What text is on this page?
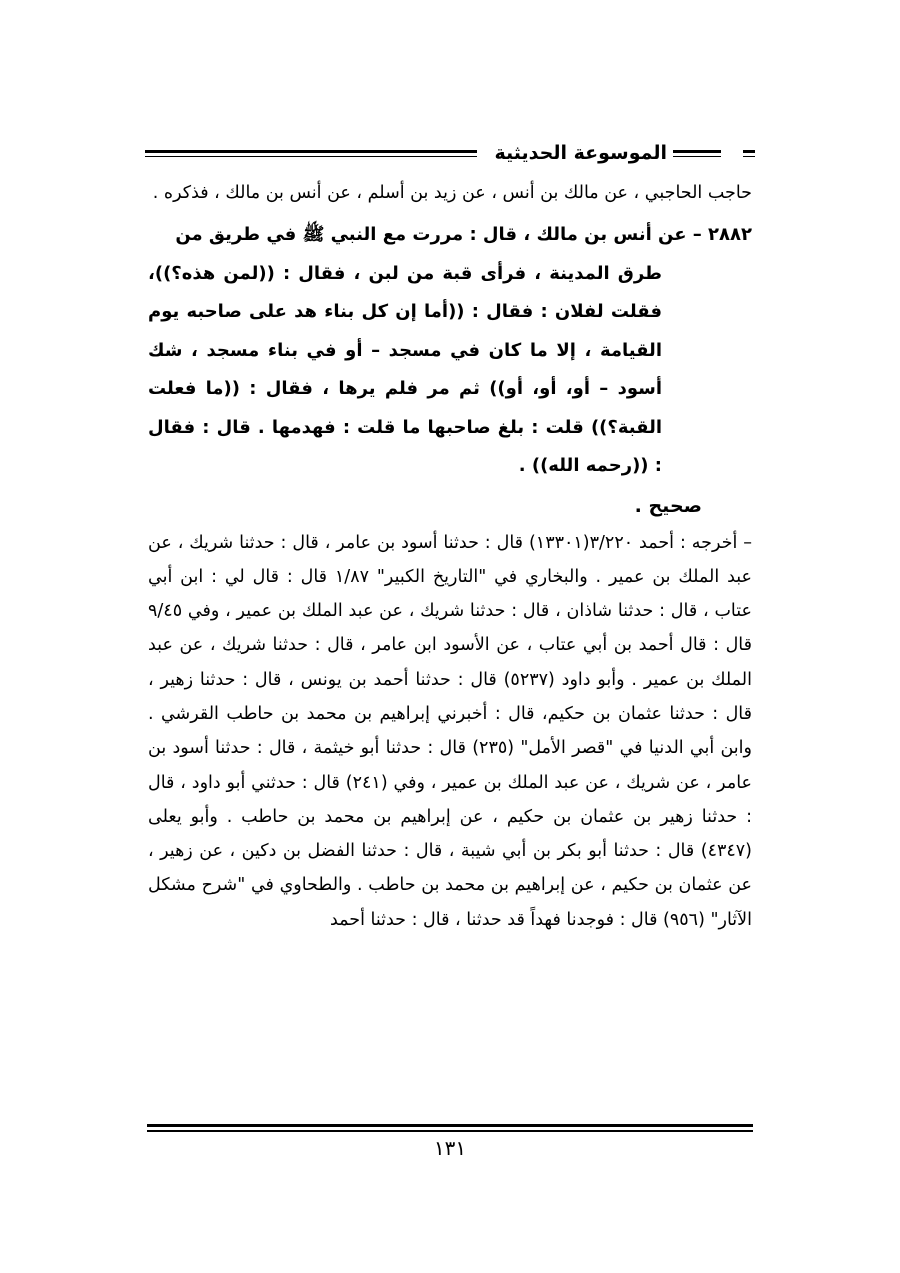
الموسوعة الحديثية

حاجب الحاجبي ، عن مالك بن أنس ، عن زيد بن أسلم ، عن أنس بن مالك ، فذكره .

٢٨٨٢ – عن أنس بن مالك ، قال : مررت مع النبي ﷺ في طريق من
طرق المدينة ، فرأى قبة من لبن ، فقال : ((لمن هذه؟))، فقلت لفلان : فقال : ((أما إن كل بناء هد على صاحبه يوم القيامة ، إلا ما كان في مسجد – أو في بناء مسجد ، شك أسود – أو، أو، أو)) ثم مر فلم يرها ، فقال : ((ما فعلت القبة؟)) قلت : بلغ صاحبها ما قلت : فهدمها . قال : فقال : ((رحمه الله)) .

صحيح .

– أخرجه : أحمد ٣/٢٢٠(١٣٣٠١) قال : حدثنا أسود بن عامر ، قال : حدثنا شريك ، عن عبد الملك بن عمير . والبخاري في "التاريخ الكبير" ١/٨٧ قال : قال لي : ابن أبي عتاب ، قال : حدثنا شاذان ، قال : حدثنا شريك ، عن عبد الملك بن عمير ، وفي ٩/٤٥ قال : قال أحمد بن أبي عتاب ، عن الأسود ابن عامر ، قال : حدثنا شريك ، عن عبد الملك بن عمير . وأبو داود (٥٢٣٧) قال : حدثنا أحمد بن يونس ، قال : حدثنا زهير ، قال : حدثنا عثمان بن حكيم، قال : أخبرني إبراهيم بن محمد بن حاطب القرشي . وابن أبي الدنيا في "قصر الأمل" (٢٣٥) قال : حدثنا أبو خيثمة ، قال : حدثنا أسود بن عامر ، عن شريك ، عن عبد الملك بن عمير ، وفي (٢٤١) قال : حدثني أبو داود ، قال : حدثنا زهير بن عثمان بن حكيم ، عن إبراهيم بن محمد بن حاطب . وأبو يعلى (٤٣٤٧) قال : حدثنا أبو بكر بن أبي شيبة ، قال : حدثنا الفضل بن دكين ، عن زهير ، عن عثمان بن حكيم ، عن إبراهيم بن محمد بن حاطب . والطحاوي في "شرح مشكل الآثار" (٩٥٦) قال : فوجدنا فهداً قد حدثنا ، قال : حدثنا أحمد

١٣١
